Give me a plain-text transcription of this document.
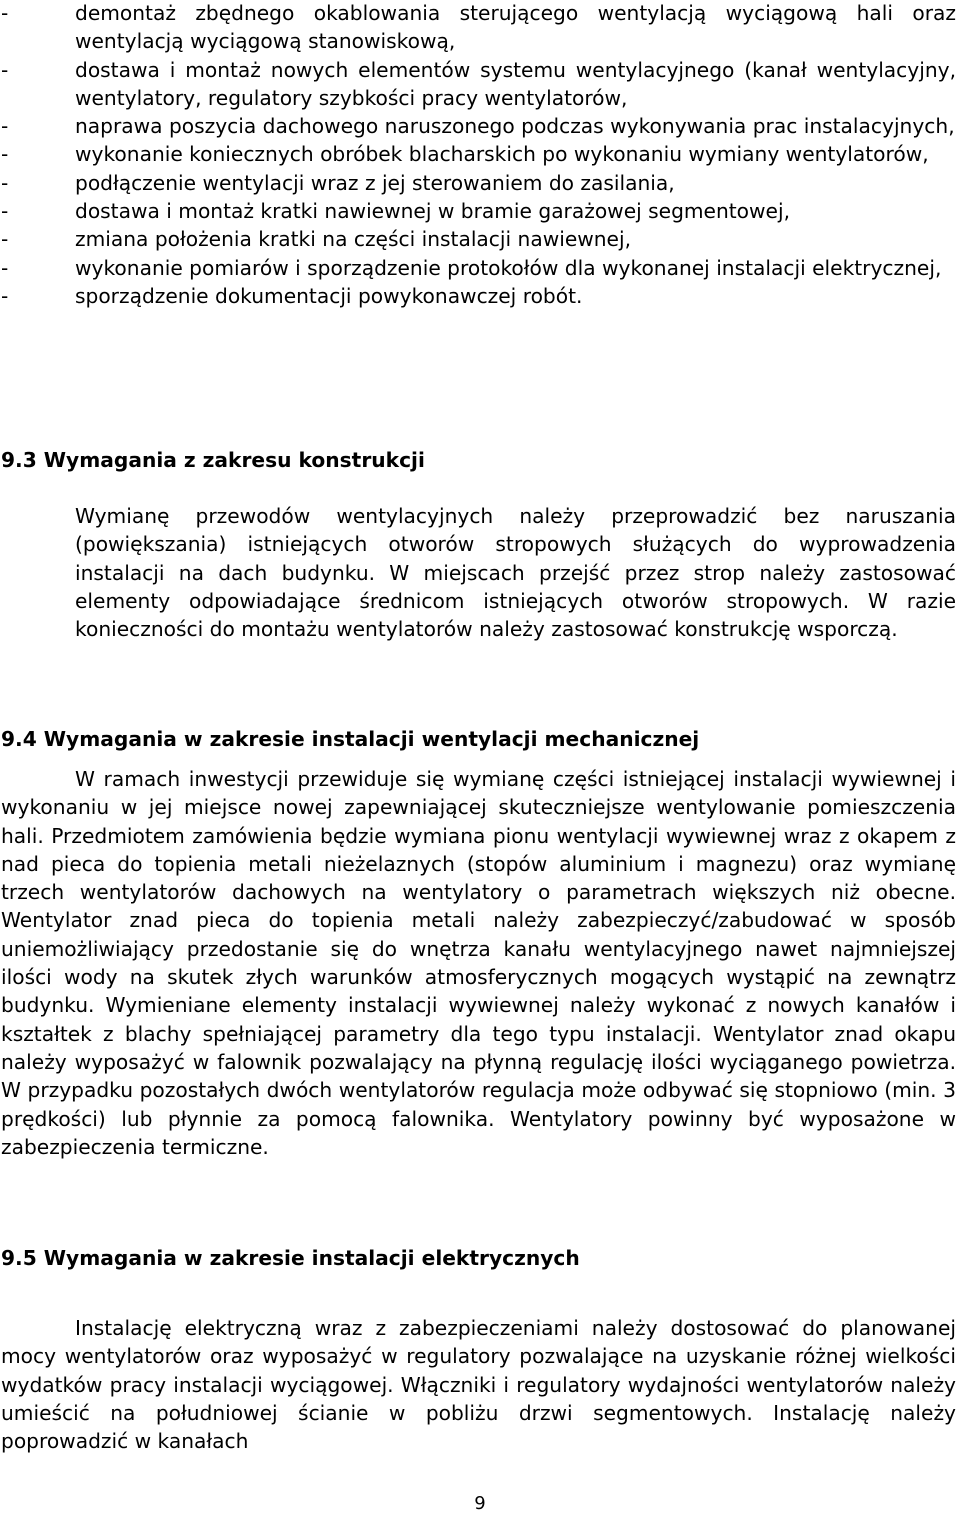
-	demontaż zbędnego okablowania sterującego wentylacją wyciągową hali oraz wentylacją wyciągową stanowiskową,
-	dostawa i montaż nowych elementów systemu wentylacyjnego (kanał wentylacyjny, wentylatory, regulatory szybkości pracy wentylatorów,
-	naprawa poszycia dachowego naruszonego podczas wykonywania prac instalacyjnych,
-	wykonanie koniecznych obróbek blacharskich po wykonaniu wymiany wentylatorów,
-	podłączenie wentylacji wraz z jej sterowaniem do zasilania,
-	dostawa i montaż kratki nawiewnej w bramie garażowej segmentowej,
-	zmiana położenia kratki na części instalacji nawiewnej,
-	wykonanie pomiarów i sporządzenie protokołów dla wykonanej instalacji elektrycznej,
-	sporządzenie dokumentacji powykonawczej robót.
9.3 Wymagania z zakresu konstrukcji

Wymianę przewodów wentylacyjnych należy przeprowadzić bez naruszania (powiększania) istniejących otworów stropowych służących do wyprowadzenia instalacji na dach budynku. W miejscach przejść przez strop należy zastosować elementy odpowiadające średnicom istniejących otworów stropowych. W razie konieczności do montażu wentylatorów należy zastosować konstrukcję wsporczą.

9.4 Wymagania w zakresie instalacji wentylacji mechanicznej

W ramach inwestycji przewiduje się wymianę części istniejącej instalacji wywiewnej i wykonaniu w jej miejsce nowej zapewniającej skuteczniejsze wentylowanie pomieszczenia hali. Przedmiotem zamówienia będzie wymiana pionu wentylacji wywiewnej wraz z okapem z nad pieca do topienia metali nieżelaznych (stopów aluminium i magnezu) oraz wymianę trzech wentylatorów dachowych na wentylatory o parametrach większych niż obecne. Wentylator znad pieca do topienia metali należy zabezpieczyć/zabudować w sposób uniemożliwiający przedostanie się do wnętrza kanału wentylacyjnego nawet najmniejszej ilości wody na skutek złych warunków atmosferycznych mogących wystąpić na zewnątrz budynku. Wymieniane elementy instalacji wywiewnej należy wykonać z nowych kanałów i kształtek z blachy spełniającej parametry dla tego typu instalacji. Wentylator znad okapu należy wyposażyć w falownik pozwalający na płynną regulację ilości wyciąganego powietrza. W przypadku pozostałych dwóch wentylatorów regulacja może odbywać się stopniowo (min. 3 prędkości) lub płynnie za pomocą falownika. Wentylatory powinny być wyposażone w zabezpieczenia termiczne.

9.5 Wymagania w zakresie instalacji elektrycznych

Instalację elektryczną wraz z zabezpieczeniami należy dostosować do planowanej mocy wentylatorów oraz wyposażyć w regulatory pozwalające na uzyskanie różnej wielkości wydatków pracy instalacji wyciągowej. Włączniki i regulatory wydajności wentylatorów należy umieścić na południowej ścianie w pobliżu drzwi segmentowych. Instalację należy poprowadzić w kanałach

9
